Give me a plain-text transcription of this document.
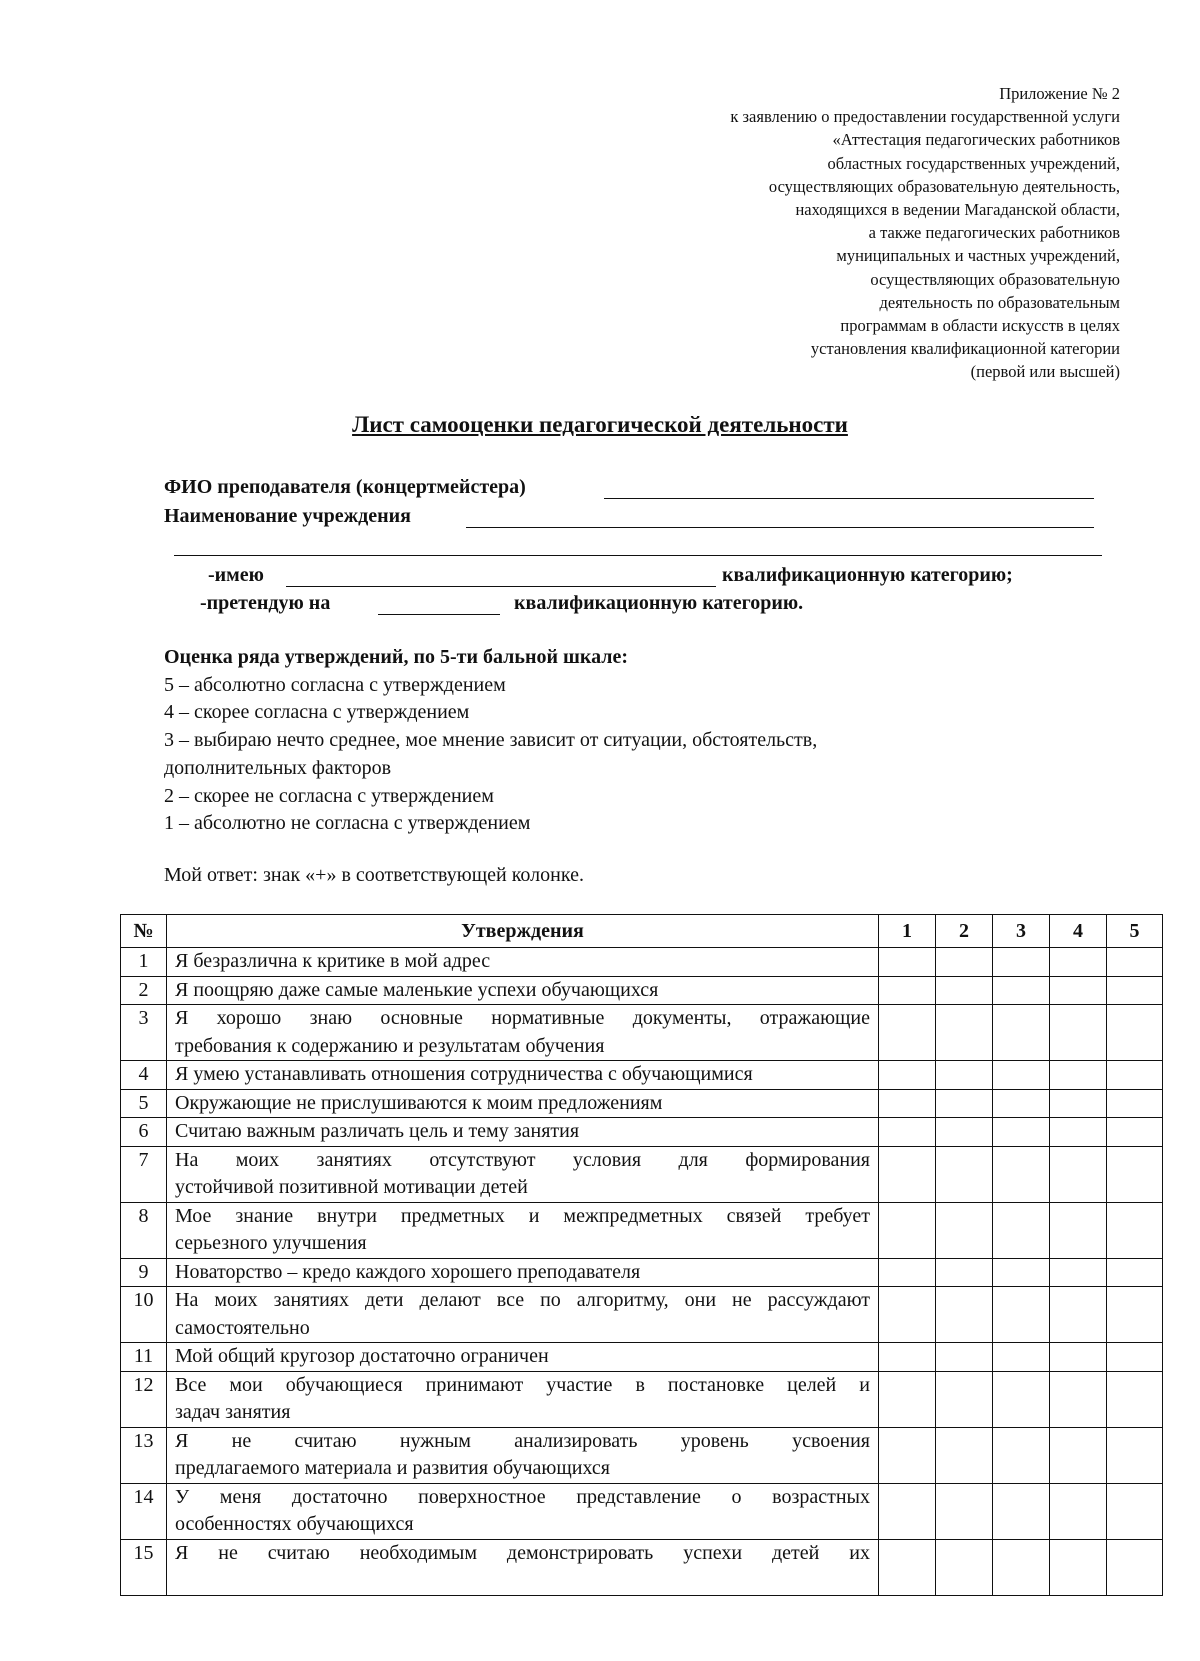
Приложение № 2
к заявлению о предоставлении государственной услуги
«Аттестация педагогических работников
областных государственных учреждений,
осуществляющих образовательную деятельность,
находящихся в ведении Магаданской области,
а также педагогических работников
муниципальных и частных учреждений,
осуществляющих образовательную
деятельность по образовательным
программам в области искусств в целях
установления квалификационной категории
(первой или высшей)
Лист самооценки педагогической деятельности
ФИО преподавателя (концертмейстера)
Наименование учреждения
-имею	квалификационную категорию;
-претендую на	квалификационную категорию.
Оценка ряда утверждений, по 5-ти бальной шкале:
5 – абсолютно согласна с утверждением
4 – скорее согласна с утверждением
3 – выбираю нечто среднее, мое мнение зависит от ситуации, обстоятельств,
дополнительных факторов
2 – скорее не согласна с утверждением
1 – абсолютно не согласна с утверждением
Мой ответ: знак «+» в соответствующей колонке.
№	Утверждения	1	2	3	4	5
1	Я безразлична к критике в мой адрес					

2	Я поощряю даже самые маленькие успехи обучающихся					

3	Я хорошо знаю основные нормативные документы, отражающие
требования к содержанию и результатам обучения					

4	Я умею устанавливать отношения сотрудничества с обучающимися					

5	Окружающие не прислушиваются к моим предложениям					

6	Считаю важным различать цель и тему занятия					

7	На моих занятиях отсутствуют условия для формирования
устойчивой позитивной мотивации детей					

8	Мое знание внутри предметных и межпредметных связей требует
серьезного улучшения					

9	Новаторство – кредо каждого хорошего преподавателя					

10	На моих занятиях дети делают все по алгоритму, они не рассуждают
самостоятельно					

11	Мой общий кругозор достаточно ограничен					

12	Все мои обучающиеся принимают участие в постановке целей и
задач занятия					

13	Я не считаю нужным анализировать уровень усвоения
предлагаемого материала и развития обучающихся					

14	У меня достаточно поверхностное представление о возрастных
особенностях обучающихся					

15	Я не считаю необходимым демонстрировать успехи детей их					
